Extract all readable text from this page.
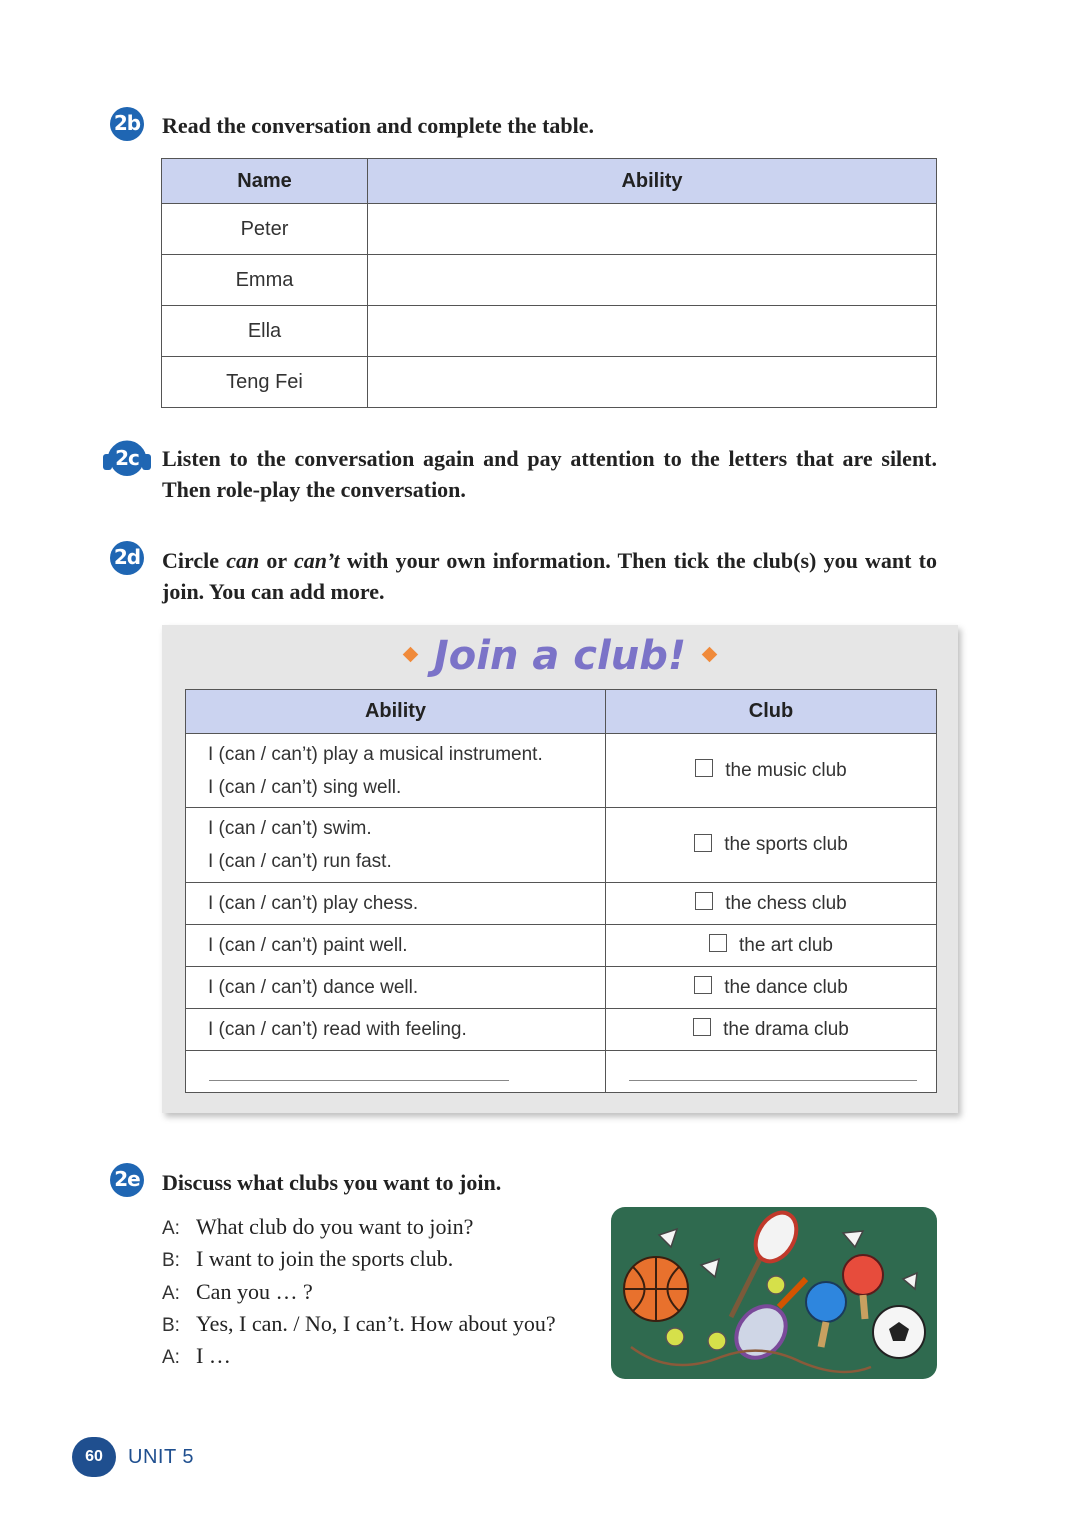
2b Read the conversation and complete the table.
Name	Ability
Peter	
Emma	
Ella	
Teng Fei	
2c Listen to the conversation again and pay attention to the letters that are silent. Then role-play the conversation.
2d Circle can or can’t with your own information. Then tick the club(s) you want to join. You can add more.
Join a club!
Ability	Club

I (can / can’t) play a musical instrument.
I (can / can’t) sing well.	the music club

I (can / can’t) swim.
I (can / can’t) run fast.	the sports club
I (can / can’t) play chess.	the chess club
I (can / can’t) paint well.	the art club
I (can / can’t) dance well.	the dance club
I (can / can’t) read with feeling.	the drama club

2e Discuss what clubs you want to join.
A: What club do you want to join?
B: I want to join the sports club.
A: Can you … ?
B: Yes, I can. / No, I can’t. How about you?
A: I …
60	UNIT 5
